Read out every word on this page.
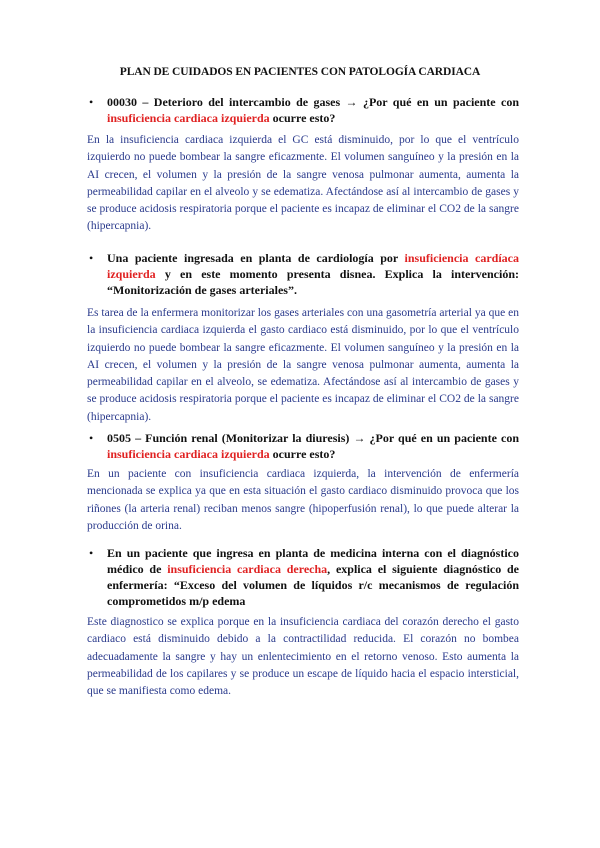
PLAN DE CUIDADOS EN PACIENTES CON PATOLOGÍA CARDIACA

• 00030 – Deterioro del intercambio de gases → ¿Por qué en un paciente con insuficiencia cardiaca izquierda ocurre esto?

En la insuficiencia cardiaca izquierda el GC está disminuido, por lo que el ventrículo izquierdo no puede bombear la sangre eficazmente. El volumen sanguíneo y la presión en la AI crecen, el volumen y la presión de la sangre venosa pulmonar aumenta, aumenta la permeabilidad capilar en el alveolo y se edematiza. Afectándose así al intercambio de gases y se produce acidosis respiratoria porque el paciente es incapaz de eliminar el CO2 de la sangre (hipercapnia).

• Una paciente ingresada en planta de cardiología por insuficiencia cardíaca izquierda y en este momento presenta disnea. Explica la intervención: “Monitorización de gases arteriales”.

Es tarea de la enfermera monitorizar los gases arteriales con una gasometría arterial ya que en la insuficiencia cardiaca izquierda el gasto cardiaco está disminuido, por lo que el ventrículo izquierdo no puede bombear la sangre eficazmente. El volumen sanguíneo y la presión en la AI crecen, el volumen y la presión de la sangre venosa pulmonar aumenta, aumenta la permeabilidad capilar en el alveolo, se edematiza. Afectándose así al intercambio de gases y se produce acidosis respiratoria porque el paciente es incapaz de eliminar el CO2 de la sangre (hipercapnia).

• 0505 – Función renal (Monitorizar la diuresis) → ¿Por qué en un paciente con insuficiencia cardiaca izquierda ocurre esto?

En un paciente con insuficiencia cardiaca izquierda, la intervención de enfermería mencionada se explica ya que en esta situación el gasto cardiaco disminuido provoca que los riñones (la arteria renal) reciban menos sangre (hipoperfusión renal), lo que puede alterar la producción de orina.

• En un paciente que ingresa en planta de medicina interna con el diagnóstico médico de insuficiencia cardiaca derecha, explica el siguiente diagnóstico de enfermería: “Exceso del volumen de líquidos r/c mecanismos de regulación comprometidos m/p edema

Este diagnostico se explica porque en la insuficiencia cardiaca del corazón derecho el gasto cardiaco está disminuido debido a la contractilidad reducida. El corazón no bombea adecuadamente la sangre y hay un enlentecimiento en el retorno venoso. Esto aumenta la permeabilidad de los capilares y se produce un escape de líquido hacia el espacio intersticial, que se manifiesta como edema.
